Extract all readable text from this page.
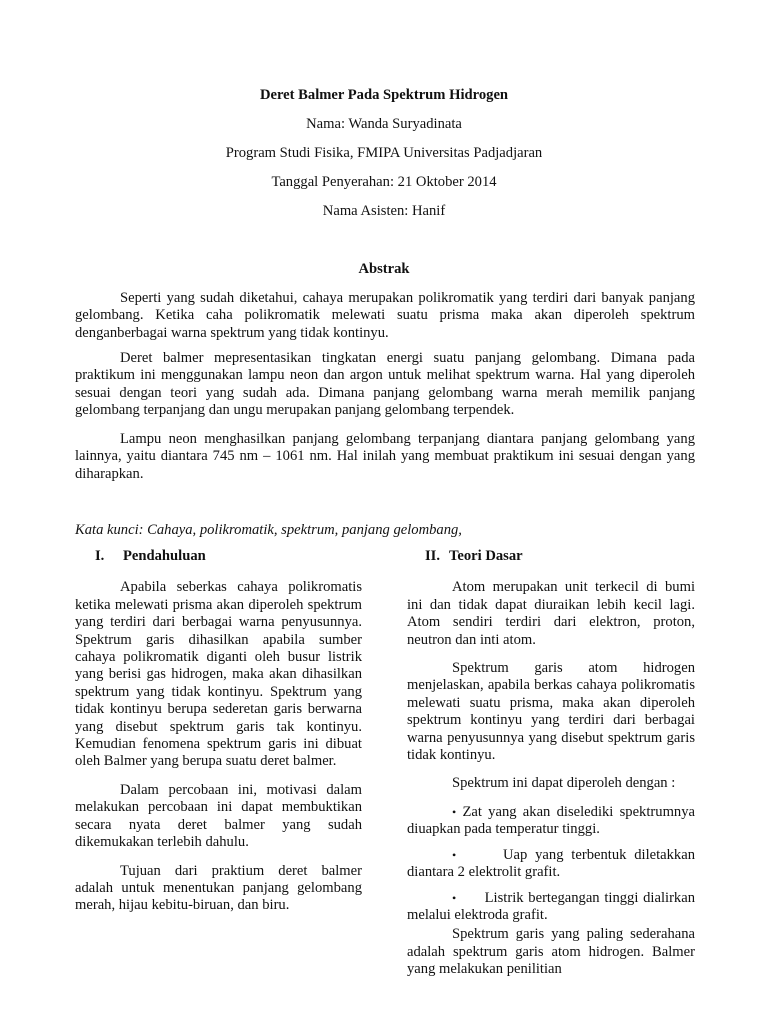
Deret Balmer Pada Spektrum Hidrogen
Nama: Wanda Suryadinata
Program Studi Fisika, FMIPA Universitas Padjadjaran
Tanggal Penyerahan: 21 Oktober 2014
Nama Asisten: Hanif
Abstrak
Seperti yang sudah diketahui, cahaya merupakan polikromatik yang terdiri dari banyak panjang gelombang. Ketika caha polikromatik melewati suatu prisma maka akan diperoleh spektrum denganberbagai warna spektrum yang tidak kontinyu.
Deret balmer mepresentasikan tingkatan energi suatu panjang gelombang. Dimana pada praktikum ini menggunakan lampu neon dan argon untuk melihat spektrum warna. Hal yang diperoleh sesuai dengan teori yang sudah ada. Dimana panjang gelombang warna merah memilik panjang gelombang terpanjang dan ungu merupakan panjang gelombang terpendek.
Lampu neon menghasilkan panjang gelombang terpanjang diantara panjang gelombang yang lainnya, yaitu diantara 745 nm – 1061 nm. Hal inilah yang membuat praktikum ini sesuai dengan yang diharapkan.
Kata kunci: Cahaya, polikromatik, spektrum, panjang gelombang,
I.	Pendahuluan

Apabila seberkas cahaya polikromatis ketika melewati prisma akan diperoleh spektrum yang terdiri dari berbagai warna penyusunnya. Spektrum garis dihasilkan apabila sumber cahaya polikromatik diganti oleh busur listrik yang berisi gas hidrogen, maka akan dihasilkan spektrum yang tidak kontinyu. Spektrum yang tidak kontinyu berupa sederetan garis berwarna yang disebut spektrum garis tak kontinyu. Kemudian fenomena spektrum garis ini dibuat oleh Balmer yang berupa suatu deret balmer.

Dalam percobaan ini, motivasi dalam melakukan percobaan ini dapat membuktikan secara nyata deret balmer yang sudah dikemukakan terlebih dahulu.

Tujuan dari praktium deret balmer adalah untuk menentukan panjang gelombang merah, hijau kebitu-biruan, dan biru.

II. Teori Dasar

Atom merupakan unit terkecil di bumi ini dan tidak dapat diuraikan lebih kecil lagi. Atom sendiri terdiri dari elektron, proton, neutron dan inti atom.

Spektrum garis atom hidrogen menjelaskan, apabila berkas cahaya polikromatis melewati suatu prisma, maka akan diperoleh spektrum kontinyu yang terdiri dari berbagai warna penyusunnya yang disebut spektrum garis tidak kontinyu.

Spektrum ini dapat diperoleh dengan :

• Zat yang akan diselediki spektrumnya diuapkan pada temperatur tinggi.

•	Uap yang terbentuk diletakkan diantara 2 elektrolit grafit.

• Listrik bertegangan tinggi dialirkan melalui elektroda grafit.

Spektrum garis yang paling sederahana adalah spektrum garis atom hidrogen. Balmer yang melakukan penilitian
